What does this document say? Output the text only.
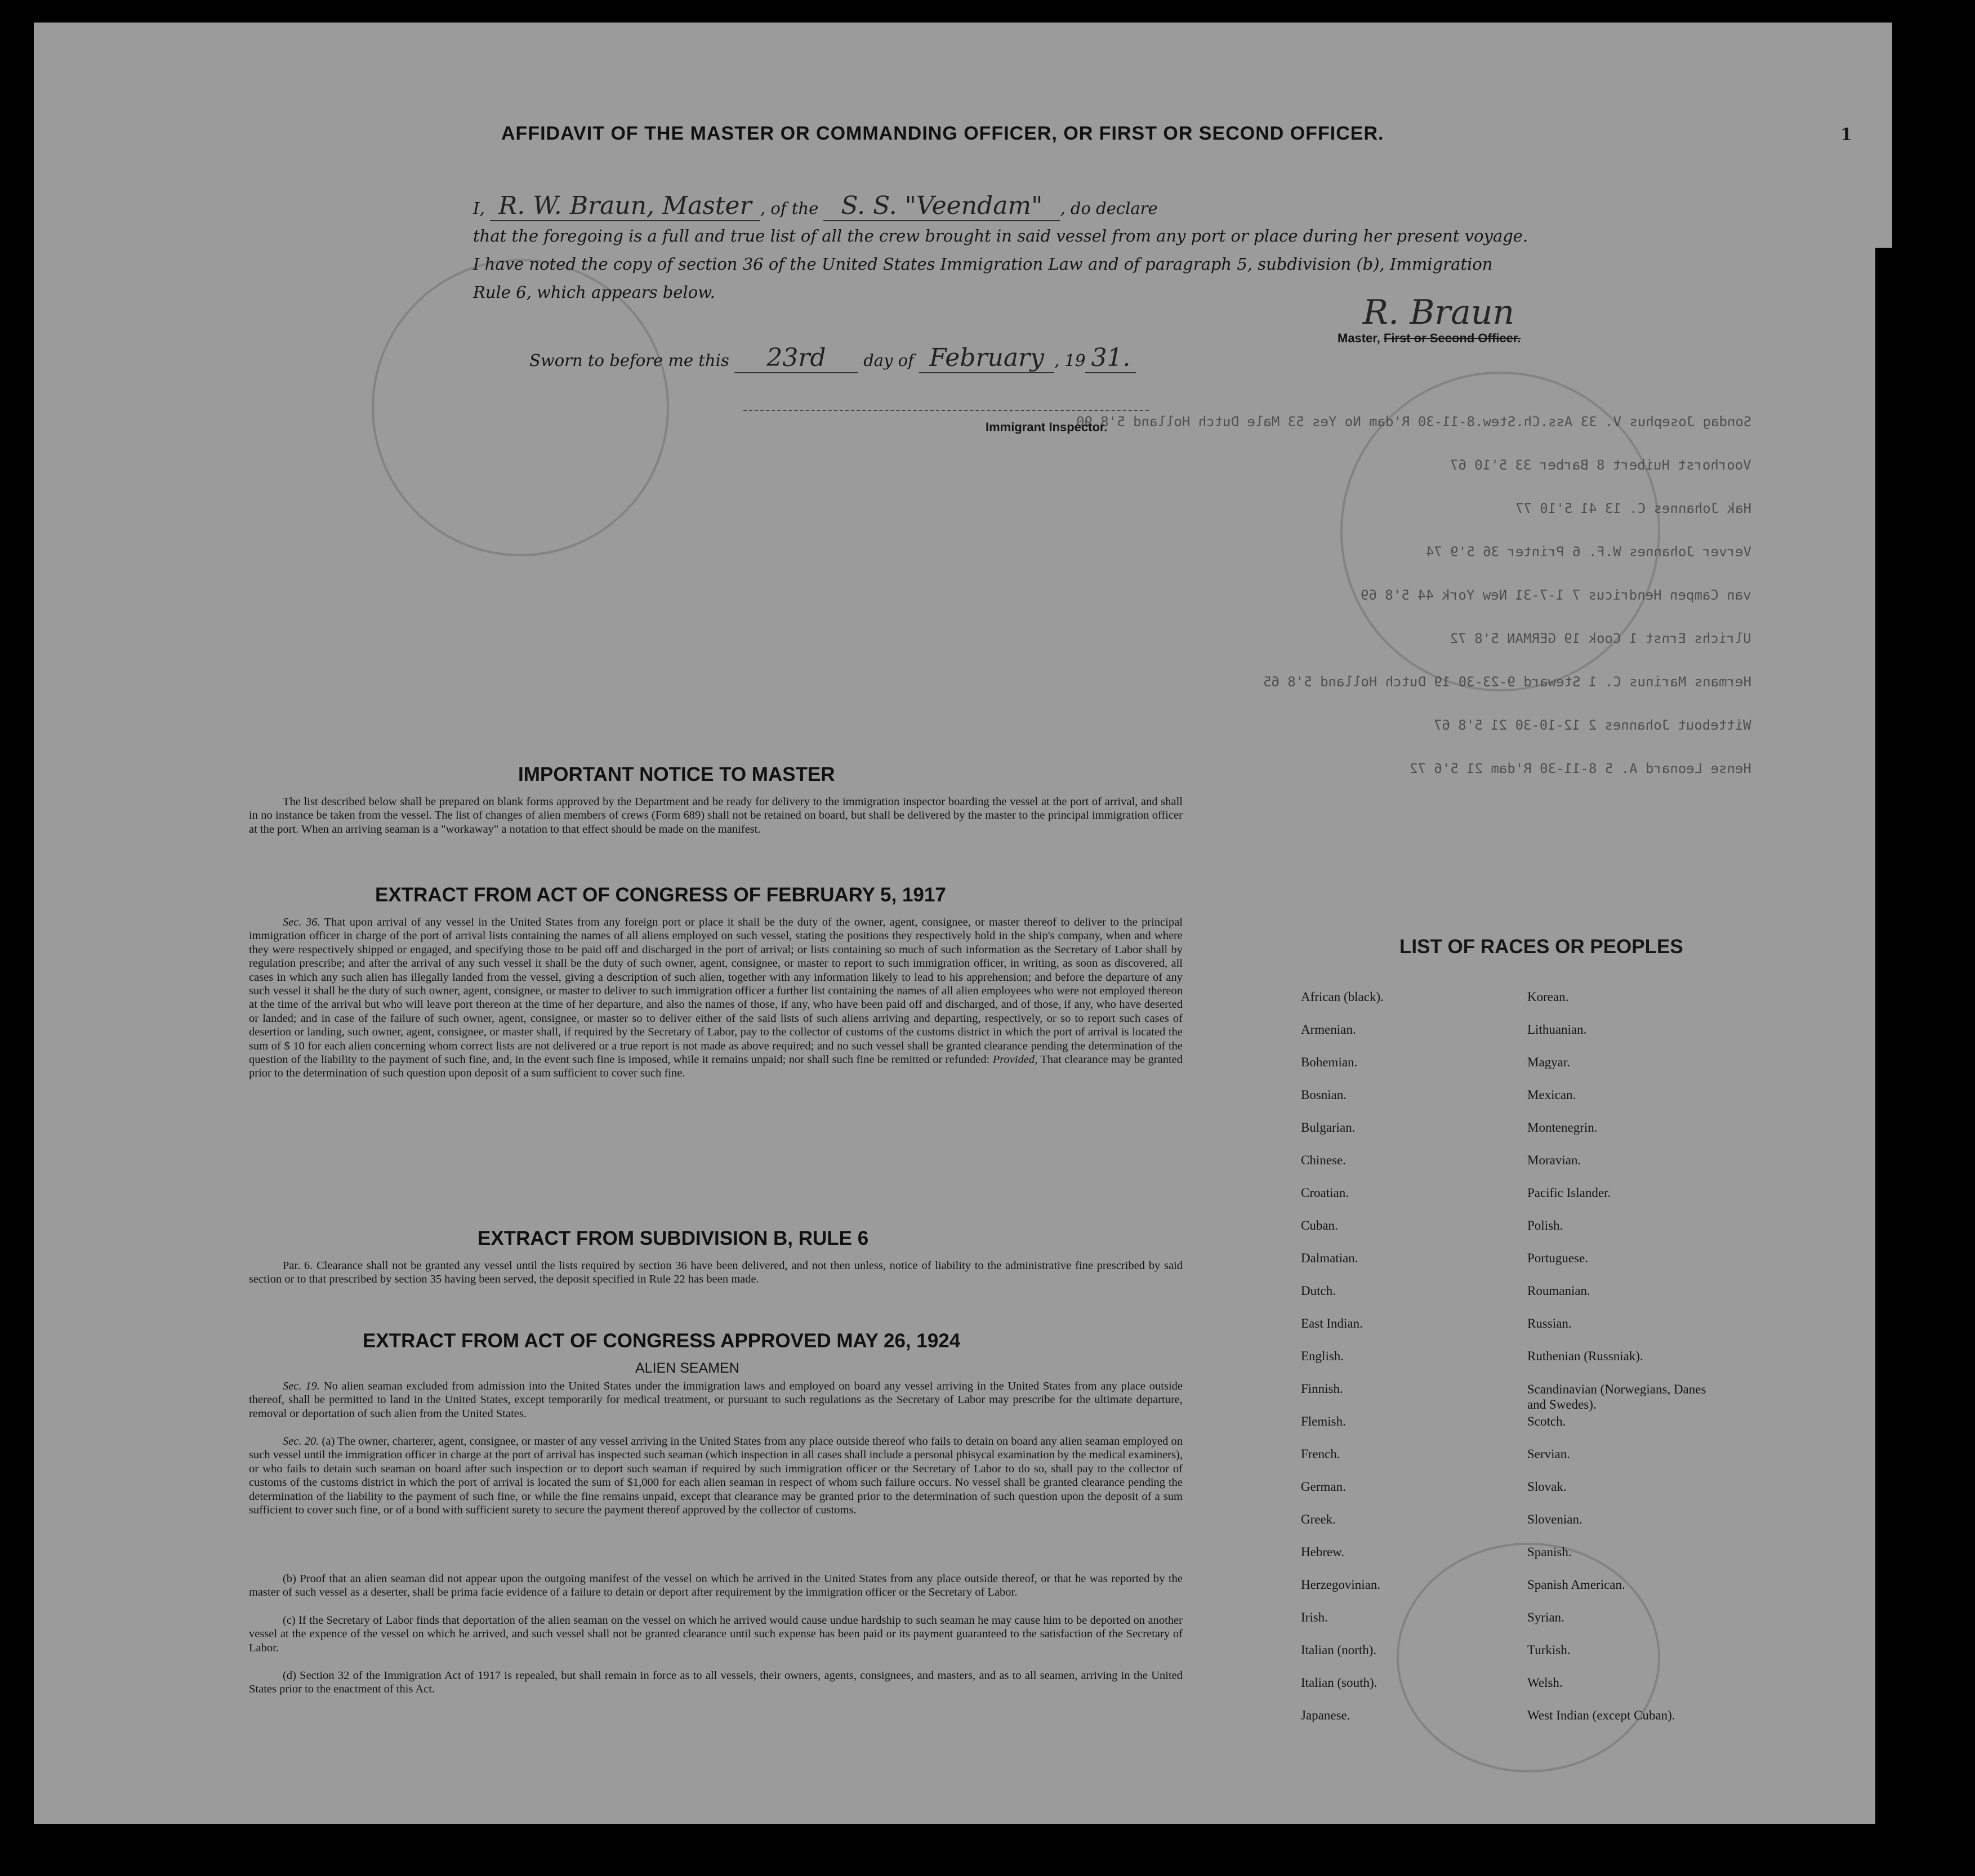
Sondag Josephus V. 33 Ass.Ch.Stew.8-11-30 R'dam No Yes 53 Male Dutch Holland 5'8 90
Voorhorst Huibert 8 Barber 33 5'10 67
Hak Johannes C. 13 41 5'10 77
Verver Johannes W.F. 6 Printer 36 5'9 74
van Campen Hendricus 7 1-7-31 New York 44 5'8 69
Ulrichs Ernst 1 Cook 19 GERMAN 5'8 72
Hermans Marinus C. 1 Steward 9-23-30 19 Dutch Holland 5'8 65
Wittebout Johannes 2 12-10-30 21 5'8 67
Hense Leonard A. 5 8-11-30 R'dam 21 5'6 72
1
AFFIDAVIT OF THE MASTER OR COMMANDING OFFICER, OR FIRST OR SECOND OFFICER.
I, R. W. Braun, Master , of the S. S. "Veendam" , do declare
that the foregoing is a full and true list of all the crew brought in said vessel from any port or place during her present voyage.
I have noted the copy of section 36 of the United States Immigration Law and of paragraph 5, subdivision (b), Immigration
Rule 6, which appears below.
R. Braun
Master, First or Second Officer.
Sworn to before me this 23rd day of February , 19 31.
Immigrant Inspector.
IMPORTANT NOTICE TO MASTER

The list described below shall be prepared on blank forms approved by the Department and be ready for delivery to the immigration inspector boarding the vessel at the port of arrival, and shall in no instance be taken from the vessel. The list of changes of alien members of crews (Form 689) shall not be retained on board, but shall be delivered by the master to the principal immigration officer at the port. When an arriving seaman is a "workaway" a notation to that effect should be made on the manifest.

EXTRACT FROM ACT OF CONGRESS OF FEBRUARY 5, 1917

Sec. 36. That upon arrival of any vessel in the United States from any foreign port or place it shall be the duty of the owner, agent, consignee, or master thereof to deliver to the principal immigration officer in charge of the port of arrival lists containing the names of all aliens employed on such vessel, stating the positions they respectively hold in the ship's company, when and where they were respectively shipped or engaged, and specifying those to be paid off and discharged in the port of arrival; or lists containing so much of such information as the Secretary of Labor shall by regulation prescribe; and after the arrival of any such vessel it shall be the duty of such owner, agent, consignee, or master to report to such immigration officer, in writing, as soon as discovered, all cases in which any such alien has illegally landed from the vessel, giving a description of such alien, together with any information likely to lead to his apprehension; and before the departure of any such vessel it shall be the duty of such owner, agent, consignee, or master to deliver to such immigration officer a further list containing the names of all alien employees who were not employed thereon at the time of the arrival but who will leave port thereon at the time of her departure, and also the names of those, if any, who have been paid off and discharged, and of those, if any, who have deserted or landed; and in case of the failure of such owner, agent, consignee, or master so to deliver either of the said lists of such aliens arriving and departing, respectively, or so to report such cases of desertion or landing, such owner, agent, consignee, or master shall, if required by the Secretary of Labor, pay to the collector of customs of the customs district in which the port of arrival is located the sum of $ 10 for each alien concerning whom correct lists are not delivered or a true report is not made as above required; and no such vessel shall be granted clearance pending the determination of the question of the liability to the payment of such fine, and, in the event such fine is imposed, while it remains unpaid; nor shall such fine be remitted or refunded: Provided, That clearance may be granted prior to the determination of such question upon deposit of a sum sufficient to cover such fine.

EXTRACT FROM SUBDIVISION B, RULE 6

Par. 6. Clearance shall not be granted any vessel until the lists required by section 36 have been delivered, and not then unless, notice of liability to the administrative fine prescribed by said section or to that prescribed by section 35 having been served, the deposit specified in Rule 22 has been made.

EXTRACT FROM ACT OF CONGRESS APPROVED MAY 26, 1924
ALIEN SEAMEN

Sec. 19. No alien seaman excluded from admission into the United States under the immigration laws and employed on board any vessel arriving in the United States from any place outside thereof, shall be permitted to land in the United States, except temporarily for medical treatment, or pursuant to such regulations as the Secretary of Labor may prescribe for the ultimate departure, removal or deportation of such alien from the United States.

Sec. 20. (a) The owner, charterer, agent, consignee, or master of any vessel arriving in the United States from any place outside thereof who fails to detain on board any alien seaman employed on such vessel until the immigration officer in charge at the port of arrival has inspected such seaman (which inspection in all cases shall include a personal phisycal examination by the medical examiners), or who fails to detain such seaman on board after such inspection or to deport such seaman if required by such immigration officer or the Secretary of Labor to do so, shall pay to the collector of customs of the customs district in which the port of arrival is located the sum of $1,000 for each alien seaman in respect of whom such failure occurs. No vessel shall be granted clearance pending the determination of the liability to the payment of such fine, or while the fine remains unpaid, except that clearance may be granted prior to the determination of such question upon the deposit of a sum sufficient to cover such fine, or of a bond with sufficient surety to secure the payment thereof approved by the collector of customs.

(b) Proof that an alien seaman did not appear upon the outgoing manifest of the vessel on which he arrived in the United States from any place outside thereof, or that he was reported by the master of such vessel as a deserter, shall be prima facie evidence of a failure to detain or deport after requirement by the immigration officer or the Secretary of Labor.

(c) If the Secretary of Labor finds that deportation of the alien seaman on the vessel on which he arrived would cause undue hardship to such seaman he may cause him to be deported on another vessel at the expence of the vessel on which he arrived, and such vessel shall not be granted clearance until such expense has been paid or its payment guaranteed to the satisfaction of the Secretary of Labor.

(d) Section 32 of the Immigration Act of 1917 is repealed, but shall remain in force as to all vessels, their owners, agents, consignees, and masters, and as to all seamen, arriving in the United States prior to the enactment of this Act.

LIST OF RACES OR PEOPLES
African (black).
Armenian.
Bohemian.
Bosnian.
Bulgarian.
Chinese.
Croatian.
Cuban.
Dalmatian.
Dutch.
East Indian.
English.
Finnish.
Flemish.
French.
German.
Greek.
Hebrew.
Herzegovinian.
Irish.
Italian (north).
Italian (south).
Japanese.
Korean.
Lithuanian.
Magyar.
Mexican.
Montenegrin.
Moravian.
Pacific Islander.
Polish.
Portuguese.
Roumanian.
Russian.
Ruthenian (Russniak).
Scandinavian (Norwegians, Danes and Swedes).
Scotch.
Servian.
Slovak.
Slovenian.
Spanish.
Spanish American.
Syrian.
Turkish.
Welsh.
West Indian (except Cuban).
